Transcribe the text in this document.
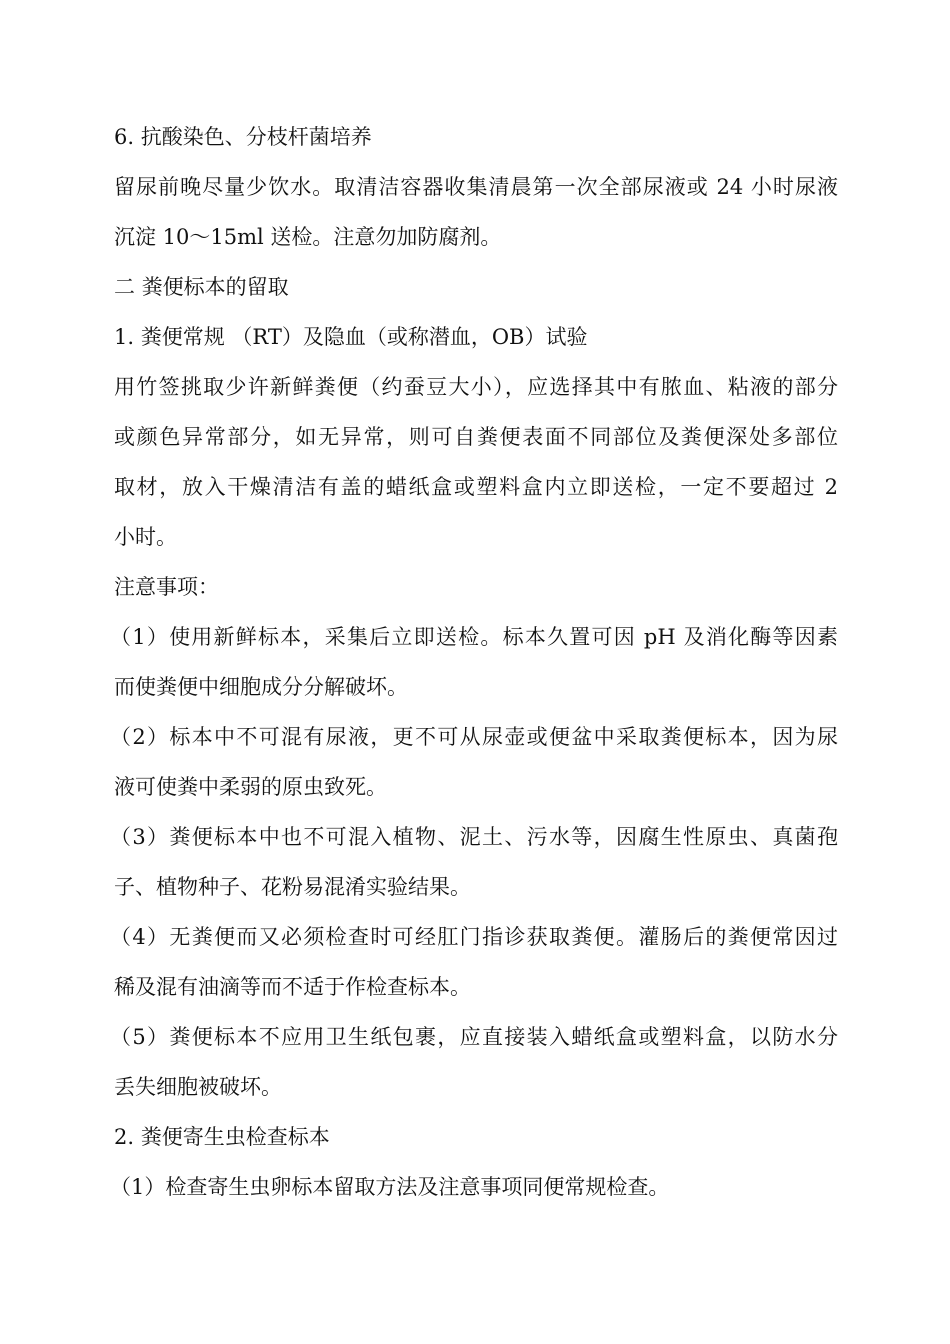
6. 抗酸染色、分枝杆菌培养
留尿前晚尽量少饮水。取清洁容器收集清晨第一次全部尿液或 24 小时尿液
沉淀 10～15ml 送检。注意勿加防腐剂。
二 粪便标本的留取
1. 粪便常规 （RT）及隐血（或称潜血，OB）试验
用竹签挑取少许新鲜粪便（约蚕豆大小），应选择其中有脓血、粘液的部分
或颜色异常部分，如无异常，则可自粪便表面不同部位及粪便深处多部位
取材，放入干燥清洁有盖的蜡纸盒或塑料盒内立即送检，一定不要超过 2
小时。
注意事项：
（1）使用新鲜标本，采集后立即送检。标本久置可因 pH 及消化酶等因素
而使粪便中细胞成分分解破坏。
（2）标本中不可混有尿液，更不可从尿壶或便盆中采取粪便标本，因为尿
液可使粪中柔弱的原虫致死。
（3）粪便标本中也不可混入植物、泥土、污水等，因腐生性原虫、真菌孢
子、植物种子、花粉易混淆实验结果。
（4）无粪便而又必须检查时可经肛门指诊获取粪便。灌肠后的粪便常因过
稀及混有油滴等而不适于作检查标本。
（5）粪便标本不应用卫生纸包裹，应直接装入蜡纸盒或塑料盒，以防水分
丢失细胞被破坏。
2. 粪便寄生虫检查标本
（1）检查寄生虫卵标本留取方法及注意事项同便常规检查。
